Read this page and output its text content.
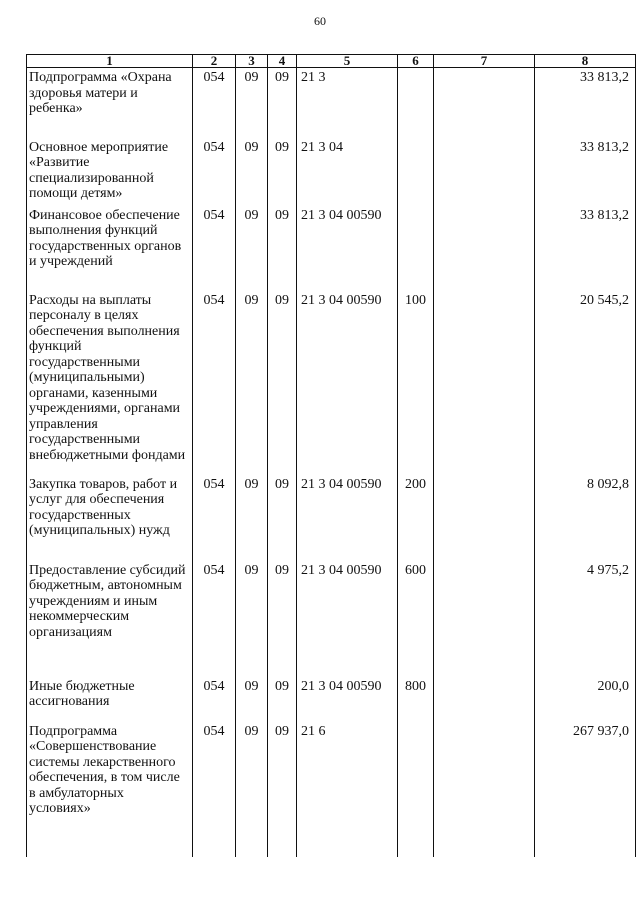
60
1	2	3	4	5	6	7	8
Подпрограмма «Охрана здоровья матери и ребенка»	054	09	09	21 3			33 813,2
Основное мероприятие «Развитие специализированной помощи детям»	054	09	09	21 3 04			33 813,2
Финансовое обеспечение выполнения функций государственных органов и учреждений	054	09	09	21 3 04 00590			33 813,2
Расходы на выплаты персоналу в целях обеспечения выполнения функций государственными (муниципальными) органами, казенными учреждениями, органами управления государственными внебюджетными фондами	054	09	09	21 3 04 00590	100		20 545,2
Закупка товаров, работ и услуг для обеспечения государственных (муниципальных) нужд	054	09	09	21 3 04 00590	200		8 092,8
Предоставление субсидий бюджетным, автономным учреждениям и иным некоммерческим организациям	054	09	09	21 3 04 00590	600		4 975,2
Иные бюджетные ассигнования	054	09	09	21 3 04 00590	800		200,0
Подпрограмма «Совершенствование системы лекарственного обеспечения, в том числе в амбулаторных условиях»	054	09	09	21 6			267 937,0
